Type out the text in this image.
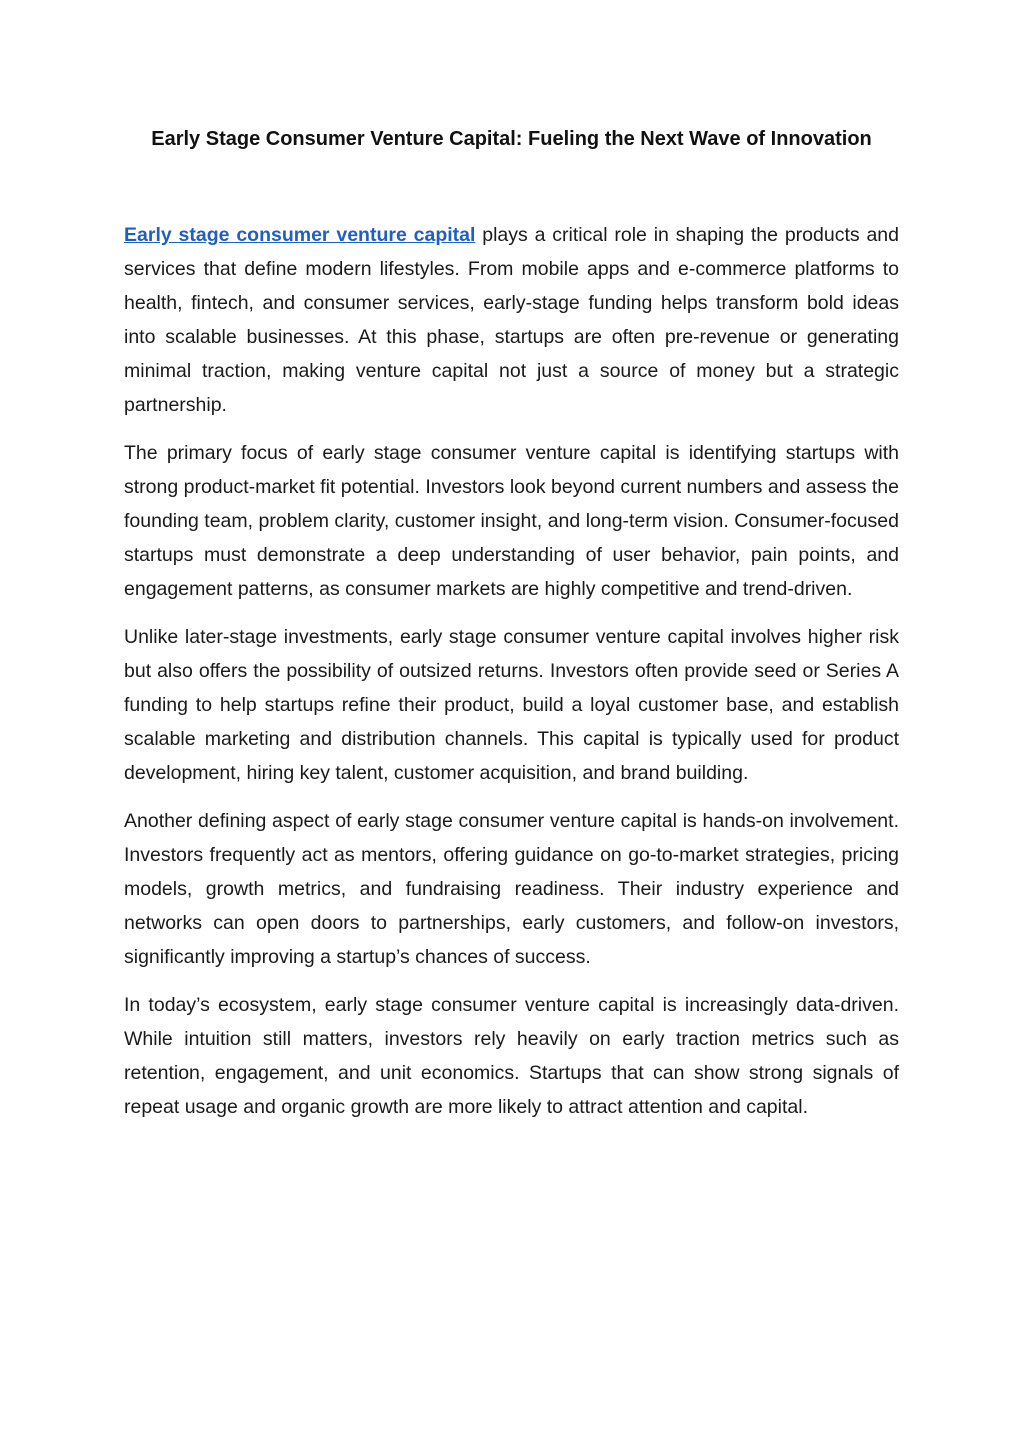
Early Stage Consumer Venture Capital: Fueling the Next Wave of Innovation

Early stage consumer venture capital plays a critical role in shaping the products and services that define modern lifestyles. From mobile apps and e-commerce platforms to health, fintech, and consumer services, early-stage funding helps transform bold ideas into scalable businesses. At this phase, startups are often pre-revenue or generating minimal traction, making venture capital not just a source of money but a strategic partnership.

The primary focus of early stage consumer venture capital is identifying startups with strong product-market fit potential. Investors look beyond current numbers and assess the founding team, problem clarity, customer insight, and long-term vision. Consumer-focused startups must demonstrate a deep understanding of user behavior, pain points, and engagement patterns, as consumer markets are highly competitive and trend-driven.

Unlike later-stage investments, early stage consumer venture capital involves higher risk but also offers the possibility of outsized returns. Investors often provide seed or Series A funding to help startups refine their product, build a loyal customer base, and establish scalable marketing and distribution channels. This capital is typically used for product development, hiring key talent, customer acquisition, and brand building.

Another defining aspect of early stage consumer venture capital is hands-on involvement. Investors frequently act as mentors, offering guidance on go-to-market strategies, pricing models, growth metrics, and fundraising readiness. Their industry experience and networks can open doors to partnerships, early customers, and follow-on investors, significantly improving a startup’s chances of success.

In today’s ecosystem, early stage consumer venture capital is increasingly data-driven. While intuition still matters, investors rely heavily on early traction metrics such as retention, engagement, and unit economics. Startups that can show strong signals of repeat usage and organic growth are more likely to attract attention and capital.
